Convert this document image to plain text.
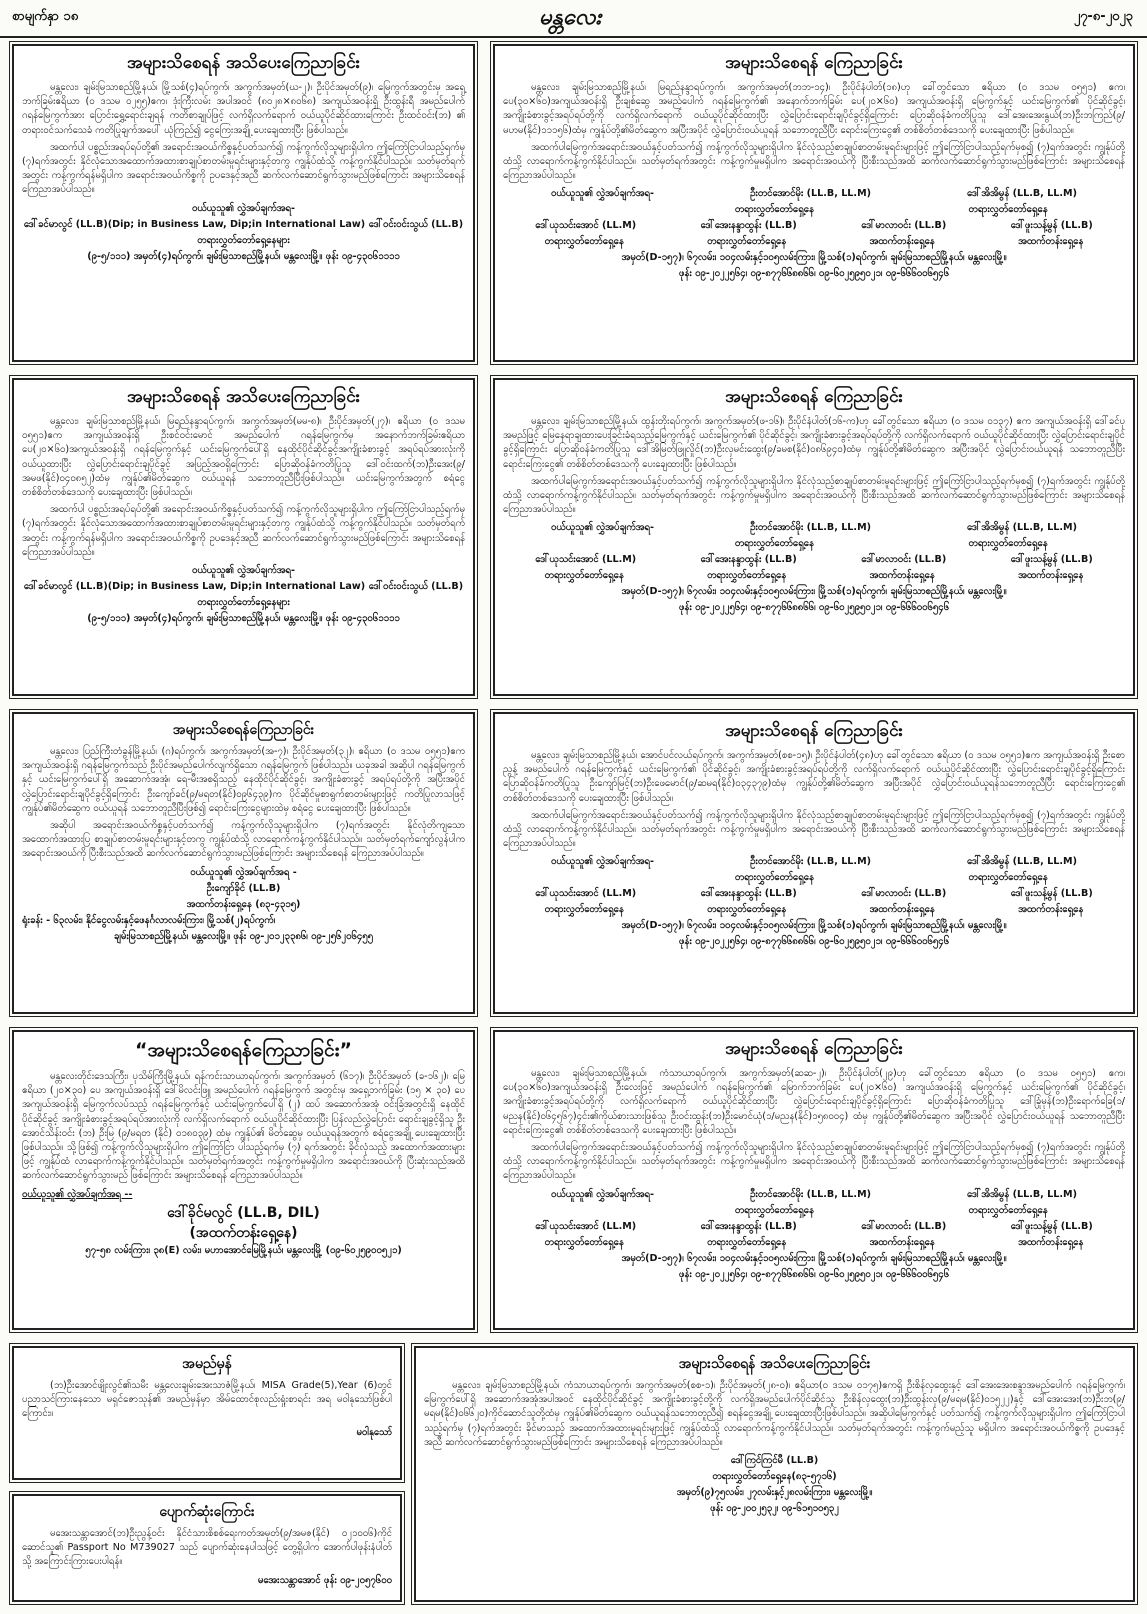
စာမျက်နှာ ၁၈	မန္တလေး	၂၇-၈-၂၀၂၃
အများသိစေရန် အသိပေးကြေညာခြင်း

မန္တလေး၊ ချမ်းမြသာစည်မြို့နယ်၊ မြို့သစ်(၄)ရပ်ကွက်၊ အကွက်အမှတ်(ဃ-၂)၊ ဦးပိုင်အမှတ်(၉)၊ မြေကွက်အတွင်းမှ အရှေ့ဘက်ခြမ်းဧရိယာ (၀ ဒသမ ၀၂၅၅)ဧက၊ ဒုံးကြီးလမ်း အပါအဝင် (၈၀၂၈×၈၀၆၈) အကျယ်အဝန်းရှိ ဦးထွန်းရီ အမည်ပေါက် ဂရန်မြေကွက်အား ပြောင်းရွှေ့ရောင်းချရန် ကတိစာချုပ်ဖြင့် လက်ရှိလက်ရောက် ဝယ်ယူပိုင်ဆိုင်ထားကြောင်း ဦးထင်ဝင်း(ဘ) ၏ တရားဝင်သက်သေခံ ကတိပြုချက်အပေါ် ယုံကြည်၍ ငွေကြေးအချို့ ပေးချေထားပြီး ဖြစ်ပါသည်။

အထက်ပါ ပစ္စည်းအရပ်ရပ်တို့၏ အရောင်းအဝယ်ကိစ္စနှင့်ပတ်သက်၍ ကန့်ကွက်လိုသူများရှိပါက ဤကြော်ငြာပါသည့်ရက်မှ (၇)ရက်အတွင်း နိုင်လုံသောအထောက်အထားစာချုပ်စာတမ်းမူရင်းများနှင့်တကွ ကျွန်ုပ်ထံသို့ ကန့်ကွက်နိုင်ပါသည်။ သတ်မှတ်ရက်အတွင်း ကန့်ကွက်ရန်မရှိပါက အရောင်းအဝယ်ကိစ္စကို ဥပဒေနှင့်အညီ ဆက်လက်ဆောင်ရွက်သွားမည်ဖြစ်ကြောင်း အများသိစေရန် ကြေညာအပ်ပါသည်။

ဝယ်ယူသူ၏ လွှဲအပ်ချက်အရ-
ဒေါ်ခင်မာလွင် (LL.B)(Dip; in Business Law, Dip;in International Law) ဒေါ်ဝင်းဝင်းသွယ် (LL.B)
တရားလွှတ်တော်ရှေ့နေများ
(၉-၅/၁၁၁) အမှတ်(၄)ရပ်ကွက်၊ ချမ်းမြသာစည်မြို့နယ်၊ မန္တလေးမြို့။ ဖုန်း ၀၉-၄၃၀၆၁၁၁၁
အများသိစေရန် ကြေညာခြင်း

မန္တလေး၊ ချမ်းမြသာစည်မြို့နယ်၊ မြရည်နန္ဒာရပ်ကွက်၊ အကွက်အမှတ်(ဘဘ-၁၄)၊ ဦးပိုင်နံပါတ်(၁၈)ဟု ခေါ်တွင်သော ဧရိယာ (၀ ဒသမ ၀၅၅၁) ဧက၊ ပေ(၃၀×၆၀)အကျယ်အဝန်းရှိ ဦးချစ်ဆွေ အမည်ပေါက် ဂရန်မြေကွက်၏ အနောက်ဘက်ခြမ်း ပေ(၂၀×၆၀) အကျယ်အဝန်းရှိ မြေကွက်နှင့် ယင်းမြေကွက်၏ ပိုင်ဆိုင်ခွင့်၊ အကျိုးခံစားခွင့်အရပ်ရပ်တို့ကို လက်ရှိလက်ရောက် ဝယ်ယူပိုင်ဆိုင်ထားပြီး လွှဲပြောင်းရောင်းချပိုင်ခွင့်ရှိကြောင်း ပြောဆိုဝန်ခံကတိပြုသူ ဒေါ်အေးအေးနွယ်(ဘ)ဦးဘကြည်(၉/မဟမ(နိုင်)၁၁၁၅၆)ထံမှ ကျွန်ုပ်တို့၏မိတ်ဆွေက အပြီးအပိုင် လွှဲပြောင်းဝယ်ယူရန် သဘောတူညီပြီး ရောင်းကြေးငွေ၏ တစ်စိတ်တစ်ဒေသကို ပေးချေထားပြီး ဖြစ်ပါသည်။

အထက်ပါမြေကွက်အရောင်းအဝယ်နှင့်ပတ်သက်၍ ကန့်ကွက်လိုသူများရှိပါက နိုင်လုံသည့်စာချုပ်စာတမ်းမူရင်းများဖြင့် ဤကြော်ငြာပါသည့်ရက်မှစ၍ (၇)ရက်အတွင်း ကျွန်ုပ်တို့ထံသို့ လာရောက်ကန့်ကွက်နိုင်ပါသည်။ သတ်မှတ်ရက်အတွင်း ကန့်ကွက်မှုမရှိပါက အရောင်းအဝယ်ကို ပြီးစီးသည်အထိ ဆက်လက်ဆောင်ရွက်သွားမည်ဖြစ်ကြောင်း အများသိစေရန် ကြေညာအပ်ပါသည်။

ဝယ်ယူသူ၏ လွှဲအပ်ချက်အရ-	ဦးတင်အောင်မိုး (LL.B, LL.M)	ဒေါ်အိအိမွန် (LL.B, LL.M)
တရားလွှတ်တော်ရှေ့နေ	တရားလွှတ်တော်ရှေ့နေ
ဒေါ်ယုသင်းအောင် (LL.M)	ဒေါ်အေးနန္ဒာထွန်း (LL.B)	ဒေါ်မာလာဝင်း (LL.B)	ဒေါ်ဖူးသန့်မွန် (LL.B)
တရားလွှတ်တော်ရှေ့နေ	တရားလွှတ်တော်ရှေ့နေ	အထက်တန်းရှေ့နေ	အထက်တန်းရှေ့နေ
အမှတ်(D-၁၅၇)၊ ၆၇လမ်း၊ ၁၀၄လမ်းနှင့်၁၀၅လမ်းကြား၊ မြို့သစ်(၁)ရပ်ကွက်၊ ချမ်းမြသာစည်မြို့နယ်၊ မန္တလေးမြို့။
ဖုန်း ၀၉-၂၀၂၂၅၆၄၊ ၀၉-၈၇၇၆၆၈၈၆၆၊ ၀၉-၆၀၂၅၉၅၀၂၁၊ ၀၉-၆၆၆၀၀၆၅၄၆
အများသိစေရန် အသိပေးကြေညာခြင်း

မန္တလေး၊ ချမ်းမြသာစည်မြို့နယ်၊ မြရည်နန္ဒာရပ်ကွက်၊ အကွက်အမှတ်(မမ-၈)၊ ဦးပိုင်အမှတ်(၂၇)၊ ဧရိယာ (၀ ဒသမ ၀၅၅၁)ဧက အကျယ်အဝန်းရှိ ဦးစင်ဝင်းမောင် အမည်ပေါက် ဂရန်မြေကွက်မှ အနောက်ဘက်ခြမ်းဧရိယာ ပေ(၂၀×၆၀)အကျယ်အဝန်းရှိ ဂရန်မြေကွက်နှင့် ယင်းမြေကွက်ပေါ်ရှိ နေထိုင်ပိုင်ဆိုင်ခွင့်အကျိုးခံစားခွင့် အရပ်ရပ်အားလုံးကို ဝယ်ယူထားပြီး လွှဲပြောင်းရောင်းချပိုင်ခွင့် အပြည့်အဝရှိကြောင်း ပြောဆိုဝန်ခံကတိပြုသူ ဒေါ်ဝင်းထက်(ဘ)ဦးအေး(၉/အမဖ(နိုင်)၀၄၀၈၅၂)ထံမှ ကျွန်ုပ်၏မိတ်ဆွေက ဝယ်ယူရန် သဘောတူညီပြီးဖြစ်ပါသည်။ ယင်းမြေကွက်အတွက် စရံငွေ တစ်စိတ်တစ်ဒေသကို ပေးချေထားပြီး ဖြစ်ပါသည်။

အထက်ပါ ပစ္စည်းအရပ်ရပ်တို့၏ အရောင်းအဝယ်ကိစ္စနှင့်ပတ်သက်၍ ကန့်ကွက်လိုသူများရှိပါက ဤကြော်ငြာပါသည့်ရက်မှ (၇)ရက်အတွင်း နိုင်လုံသောအထောက်အထားစာချုပ်စာတမ်းမူရင်းများနှင့်တကွ ကျွန်ုပ်ထံသို့ ကန့်ကွက်နိုင်ပါသည်။ သတ်မှတ်ရက်အတွင်း ကန့်ကွက်ရန်မရှိပါက အရောင်းအဝယ်ကိစ္စကို ဥပဒေနှင့်အညီ ဆက်လက်ဆောင်ရွက်သွားမည်ဖြစ်ကြောင်း အများသိစေရန် ကြေညာအပ်ပါသည်။

ဝယ်ယူသူ၏ လွှဲအပ်ချက်အရ-
ဒေါ်ခင်မာလွင် (LL.B)(Dip; in Business Law, Dip;in International Law) ဒေါ်ဝင်းဝင်းသွယ် (LL.B)
တရားလွှတ်တော်ရှေ့နေများ
(၉-၅/၁၁၁) အမှတ်(၄)ရပ်ကွက်၊ ချမ်းမြသာစည်မြို့နယ်၊ မန္တလေးမြို့။ ဖုန်း ၀၉-၄၃၀၆၁၁၁၁
အများသိစေရန် ကြေညာခြင်း

မန္တလေး၊ ချမ်းမြသာစည်မြို့နယ်၊ ထွန်းတိုးရပ်ကွက်၊ အကွက်အမှတ်(ဖ-၁၆)၊ ဦးပိုင်နံပါတ်(၁၆-က)ဟု ခေါ်တွင်သော ဧရိယာ (၀ ဒသမ ၀၁၃၇) ဧက အကျယ်အဝန်းရှိ ဒေါ်ခင်ပု အမည်ဖြင့် မြေနေရာချထားပေးခြင်းခံရသည့်မြေကွက်နှင့် ယင်းမြေကွက်၏ ပိုင်ဆိုင်ခွင့်၊ အကျိုးခံစားခွင့်အရပ်ရပ်တို့ကို လက်ရှိလက်ရောက် ဝယ်ယူပိုင်ဆိုင်ထားပြီး လွှဲပြောင်းရောင်းချပိုင်ခွင့်ရှိကြောင်း ပြောဆိုဝန်ခံကတိပြုသူ ဒေါ်အိမြတ်ဖြူလှိုင်(ဘ)ဦးလှမင်းထွေး(၉/ခမစ(နိုင်)၀၈၆၉၄၀)ထံမှ ကျွန်ုပ်တို့၏မိတ်ဆွေက အပြီးအပိုင် လွှဲပြောင်းဝယ်ယူရန် သဘောတူညီပြီး ရောင်းကြေးငွေ၏ တစ်စိတ်တစ်ဒေသကို ပေးချေထားပြီး ဖြစ်ပါသည်။

အထက်ပါမြေကွက်အရောင်းအဝယ်နှင့်ပတ်သက်၍ ကန့်ကွက်လိုသူများရှိပါက နိုင်လုံသည့်စာချုပ်စာတမ်းမူရင်းများဖြင့် ဤကြော်ငြာပါသည့်ရက်မှစ၍ (၇)ရက်အတွင်း ကျွန်ုပ်တို့ထံသို့ လာရောက်ကန့်ကွက်နိုင်ပါသည်။ သတ်မှတ်ရက်အတွင်း ကန့်ကွက်မှုမရှိပါက အရောင်းအဝယ်ကို ပြီးစီးသည်အထိ ဆက်လက်ဆောင်ရွက်သွားမည်ဖြစ်ကြောင်း အများသိစေရန် ကြေညာအပ်ပါသည်။

ဝယ်ယူသူ၏ လွှဲအပ်ချက်အရ-	ဦးတင်အောင်မိုး (LL.B, LL.M)	ဒေါ်အိအိမွန် (LL.B, LL.M)
တရားလွှတ်တော်ရှေ့နေ	တရားလွှတ်တော်ရှေ့နေ
ဒေါ်ယုသင်းအောင် (LL.M)	ဒေါ်အေးနန္ဒာထွန်း (LL.B)	ဒေါ်မာလာဝင်း (LL.B)	ဒေါ်ဖူးသန့်မွန် (LL.B)
တရားလွှတ်တော်ရှေ့နေ	တရားလွှတ်တော်ရှေ့နေ	အထက်တန်းရှေ့နေ	အထက်တန်းရှေ့နေ
အမှတ်(D-၁၅၇)၊ ၆၇လမ်း၊ ၁၀၄လမ်းနှင့်၁၀၅လမ်းကြား၊ မြို့သစ်(၁)ရပ်ကွက်၊ ချမ်းမြသာစည်မြို့နယ်၊ မန္တလေးမြို့။
ဖုန်း ၀၉-၂၀၂၂၅၆၄၊ ၀၉-၈၇၇၆၆၈၈၆၆၊ ၀၉-၆၀၂၅၉၅၀၂၁၊ ၀၉-၆၆၆၀၀၆၅၄၆
အများသိစေရန်ကြေညာခြင်း

မန္တလေး၊ ပြည်ကြီးတံခွန်မြို့နယ်၊ (ဂ)ရပ်ကွက်၊ အကွက်အမှတ်(အ-၇)၊ ဦးပိုင်အမှတ်(၃၂)၊ ဧရိယာ (၀ ဒသမ ၀၅၅၁)ဧကအကျယ်အဝန်းရှိ ဂရန်မြေကွက်သည် ဦးပိုင်အမည်ပေါက်လျက်ရှိသော ဂရန်မြေကွက် ဖြစ်ပါသည်။ ယခုအခါ အဆိုပါ ဂရန်မြေကွက်နှင့် ယင်းမြေကွက်ပေါ်ရှိ အဆောက်အအုံ၊ ရေ-မီးအစရှိသည့် နေထိုင်ပိုင်ဆိုင်ခွင့်၊ အကျိုးခံစားခွင့် အရပ်ရပ်တို့ကို အပြီးအပိုင် လွှဲပြောင်းရောင်းချပိုင်ခွင့်ရှိကြောင်း ဦးကျော်ခင်(၉/မရတ(နိုင်)၀၉၆၄၃၉)က ပိုင်ဆိုင်မှုစာရွက်စာတမ်းများဖြင့် ကတိပြုလာသဖြင့် ကျွန်ုပ်၏မိတ်ဆွေက ဝယ်ယူရန် သဘောတူညီပြီးဖြစ်၍ ရောင်းကြေးငွေများထဲမှ စရံငွေ ပေးချေထားပြီး ဖြစ်ပါသည်။

အဆိုပါ အရောင်းအဝယ်ကိစ္စနှင့်ပတ်သက်၍ ကန့်ကွက်လိုသူများရှိပါက (၇)ရက်အတွင်း နိုင်လုံတိကျသော အထောက်အထားပြ စာချုပ်စာတမ်းမူရင်းများနှင့်တကွ ကျွန်ုပ်ထံသို့ လာရောက်ကန့်ကွက်နိုင်ပါသည်။ သတ်မှတ်ရက်ကျော်လွန်ပါက အရောင်းအဝယ်ကို ပြီးစီးသည်အထိ ဆက်လက်ဆောင်ရွက်သွားမည်ဖြစ်ကြောင်း အများသိစေရန် ကြေညာအပ်ပါသည်။

ဝယ်ယူသူ၏ လွှဲအပ်ချက်အရ -
ဦးကျော်ခိုင် (LL.B)
အထက်တန်းရှေ့နေ (၈၃-၄၃၁၅)
ရုံးခန်း - ၆၃လမ်း၊ နိုင်ငွေလမ်းနှင့်ဖေနင်္ဂလာလမ်းကြား၊ မြို့သစ်(၂)ရပ်ကွက်၊
ချမ်းမြသာစည်မြို့နယ်၊ မန္တလေးမြို့။ ဖုန်း ၀၉-၂၀၁၂၃၃၈၆၊ ၀၉-၂၅၆၂၀၆၄၅၅
အများသိစေရန် ကြေညာခြင်း

မန္တလေး၊ ချမ်းမြသာစည်မြို့နယ်၊ အောင်ပင်လယ်ရပ်ကွက်၊ အကွက်အမှတ်(စစ-၁၅)၊ ဦးပိုင်နံပါတ်(၄၈)ဟု ခေါ်တွင်သော ဧရိယာ (၀ ဒသမ ၀၅၅၁)ဧက အကျယ်အဝန်းရှိ ဦးစောညွန့် အမည်ပေါက် ဂရန်မြေကွက်နှင့် ယင်းမြေကွက်၏ ပိုင်ဆိုင်ခွင့်၊ အကျိုးခံစားခွင့်အရပ်ရပ်တို့ကို လက်ရှိလက်ရောက် ဝယ်ယူပိုင်ဆိုင်ထားပြီး လွှဲပြောင်းရောင်းချပိုင်ခွင့်ရှိကြောင်း ပြောဆိုဝန်ခံကတိပြုသူ ဦးကျော်မြင့်(ဘ)ဦးဖေမောင်(၉/ဆမရ(နိုင်)၀၃၄၃၇၉)ထံမှ ကျွန်ုပ်တို့၏မိတ်ဆွေက အပြီးအပိုင် လွှဲပြောင်းဝယ်ယူရန်သဘောတူညီပြီး ရောင်းကြေးငွေ၏ တစ်စိတ်တစ်ဒေသကို ပေးချေထားပြီး ဖြစ်ပါသည်။

အထက်ပါမြေကွက်အရောင်းအဝယ်နှင့်ပတ်သက်၍ ကန့်ကွက်လိုသူများရှိပါက နိုင်လုံသည့်စာချုပ်စာတမ်းမူရင်းများဖြင့် ဤကြော်ငြာပါသည့်ရက်မှစ၍ (၇)ရက်အတွင်း ကျွန်ုပ်တို့ထံသို့ လာရောက်ကန့်ကွက်နိုင်ပါသည်။ သတ်မှတ်ရက်အတွင်း ကန့်ကွက်မှုမရှိပါက အရောင်းအဝယ်ကို ပြီးစီးသည်အထိ ဆက်လက်ဆောင်ရွက်သွားမည်ဖြစ်ကြောင်း အများသိစေရန် ကြေညာအပ်ပါသည်။

ဝယ်ယူသူ၏ လွှဲအပ်ချက်အရ-	ဦးတင်အောင်မိုး (LL.B, LL.M)	ဒေါ်အိအိမွန် (LL.B, LL.M)
တရားလွှတ်တော်ရှေ့နေ	တရားလွှတ်တော်ရှေ့နေ
ဒေါ်ယုသင်းအောင် (LL.M)	ဒေါ်အေးနန္ဒာထွန်း (LL.B)	ဒေါ်မာလာဝင်း (LL.B)	ဒေါ်ဖူးသန့်မွန် (LL.B)
တရားလွှတ်တော်ရှေ့နေ	တရားလွှတ်တော်ရှေ့နေ	အထက်တန်းရှေ့နေ	အထက်တန်းရှေ့နေ
အမှတ်(D-၁၅၇)၊ ၆၇လမ်း၊ ၁၀၄လမ်းနှင့်၁၀၅လမ်းကြား၊ မြို့သစ်(၁)ရပ်ကွက်၊ ချမ်းမြသာစည်မြို့နယ်၊ မန္တလေးမြို့။
ဖုန်း ၀၉-၂၀၂၂၅၆၄၊ ၀၉-၈၇၇၆၆၈၈၆၆၊ ၀၉-၆၀၂၅၉၅၀၂၁၊ ၀၉-၆၆၆၀၀၆၅၄၆
“အများသိစေရန်ကြေညာခြင်း”

မန္တလေးတိုင်းဒေသကြီး၊ ပုသိမ်ကြီးမြို့နယ်၊ ရန်ကင်းသာယာရပ်ကွက်၊ အကွက်အမှတ် (၆၁၇)၊ ဦးပိုင်အမှတ် (ခ-၁၆၂)၊ မြေဧရိယာ (၂၀×၃၀) ပေ အကျယ်အဝန်းရှိ ဒေါ်မိလင်းဖြူ အမည်ပေါက် ဂရန်မြေကွက် အတွင်းမှ အရှေ့ဘက်ခြမ်း (၁၅ × ၃၀) ပေ အကျယ်အဝန်းရှိ မြေကွက်လပ်သည့် ဂရန်မြေကွက်နှင့် ယင်းမြေကွက်ပေါ်ရှိ (၂) ထပ် အဆောက်အအုံ ဝင်းခြံအတွင်းရှိ နေထိုင်ပိုင်ဆိုင်ခွင့် အကျိုးခံစားခွင့်အရပ်ရပ်အားလုံးကို လက်ရှိလက်ရောက် ဝယ်ယူပိုင်ဆိုင်ထားပြီး ပြန်လည်လွှဲပြောင်း ရောင်းချခွင့်ရှိသူ ဦးအောင်သိန်းဝင်း (ဘ) ဦးမြ (၉/မရတ (နိုင်) ၀၁၈၀၃၉) ထံမှ ကျွန်ုပ်၏ မိတ်ဆွေမှ ဝယ်ယူရန်အတွက် စရံငွေအချို့ ပေးချေထားပြီးဖြစ်ပါသည်။ သို့ဖြစ်၍ ကန့်ကွက်လိုသူများရှိပါက ဤကြော်ငြာ ပါသည့်ရက်မှ (၇) ရက်အတွင်း ခိုင်လုံသည့် အထောက်အထားများဖြင့် ကျွန်ုပ်ထံ လာရောက်ကန့်ကွက်နိုင်ပါသည်။ သတ်မှတ်ရက်အတွင်း ကန့်ကွက်မှုမရှိပါက အရောင်းအဝယ်ကို ပြီးဆုံးသည်အထိ ဆက်လက်ဆောင်ရွက်သွားမည် ဖြစ်ကြောင်း အများသိစေရန် ကြေညာအပ်ပါသည်။

ဝယ်ယူသူ၏ လွှဲအပ်ချက်အရ --
ဒေါ်ခိုင်မလွင် (LL.B, DIL)
(အထက်တန်းရှေ့နေ)
၅၇-၅၈ လမ်းကြား၊ ၃၈(E) လမ်း၊ မဟာအောင်မြေမြို့နယ်၊ မန္တလေးမြို့ (၀၉-၆၀၂၅၉၀၀၅၂၁)
အများသိစေရန် ကြေညာခြင်း

မန္တလေး၊ ချမ်းမြသာစည်မြို့နယ်၊ ကံသာယာရပ်ကွက်၊ အကွက်အမှတ်(ဆဆ-၂)၊ ဦးပိုင်နံပါတ်(၂၉)ဟု ခေါ်တွင်သော ဧရိယာ (၀ ဒသမ ၀၅၅၁) ဧက၊ ပေ(၃၀×၆၀)အကျယ်အဝန်းရှိ ဦးလေးဖြင့် အမည်ပေါက် ဂရန်မြေကွက်၏ မြောက်ဘက်ခြမ်း ပေ(၂၀×၆၀) အကျယ်အဝန်းရှိ မြေကွက်နှင့် ယင်းမြေကွက်၏ ပိုင်ဆိုင်ခွင့်၊ အကျိုးခံစားခွင့်အရပ်ရပ်တို့ကို လက်ရှိလက်ရောက် ဝယ်ယူပိုင်ဆိုင်ထားပြီး လွှဲပြောင်းရောင်းချပိုင်ခွင့်ရှိကြောင်း ပြောဆိုဝန်ခံကတိပြုသူ ဒေါ်ခြုံမုန်(ဘ)ဦးရောက်ခြေ(၁/မညန(နိုင်)၀၆၄၅၆၇)၄င်း၏ကိုယ်စားသားဖြစ်သူ ဦးဝင်းထွန်း(ဘ)ဦးမောင်ယုံ(၁/မညန(နိုင်)၁၅၈၀၀၄) ထံမှ ကျွန်ုပ်တို့၏မိတ်ဆွေက အပြီးအပိုင် လွှဲပြောင်းဝယ်ယူရန် သဘောတူညီပြီး ရောင်းကြေးငွေ၏ တစ်စိတ်တစ်ဒေသကို ပေးချေထားပြီး ဖြစ်ပါသည်။

အထက်ပါမြေကွက်အရောင်းအဝယ်နှင့်ပတ်သက်၍ ကန့်ကွက်လိုသူများရှိပါက နိုင်လုံသည့်စာချုပ်စာတမ်းမူရင်းများဖြင့် ဤကြော်ငြာပါသည့်ရက်မှစ၍ (၇)ရက်အတွင်း ကျွန်ုပ်တို့ထံသို့ လာရောက်ကန့်ကွက်နိုင်ပါသည်။ သတ်မှတ်ရက်အတွင်း ကန့်ကွက်မှုမရှိပါက အရောင်းအဝယ်ကို ပြီးစီးသည်အထိ ဆက်လက်ဆောင်ရွက်သွားမည်ဖြစ်ကြောင်း အများသိစေရန် ကြေညာအပ်ပါသည်။

ဝယ်ယူသူ၏ လွှဲအပ်ချက်အရ-	ဦးတင်အောင်မိုး (LL.B, LL.M)	ဒေါ်အိအိမွန် (LL.B, LL.M)
တရားလွှတ်တော်ရှေ့နေ	တရားလွှတ်တော်ရှေ့နေ
ဒေါ်ယုသင်းအောင် (LL.M)	ဒေါ်အေးနန္ဒာထွန်း (LL.B)	ဒေါ်မာလာဝင်း (LL.B)	ဒေါ်ဖူးသန့်မွန် (LL.B)
တရားလွှတ်တော်ရှေ့နေ	တရားလွှတ်တော်ရှေ့နေ	အထက်တန်းရှေ့နေ	အထက်တန်းရှေ့နေ
အမှတ်(D-၁၅၇)၊ ၆၇လမ်း၊ ၁၀၄လမ်းနှင့်၁၀၅လမ်းကြား၊ မြို့သစ်(၁)ရပ်ကွက်၊ ချမ်းမြသာစည်မြို့နယ်၊ မန္တလေးမြို့။
ဖုန်း ၀၉-၂၀၂၂၅၆၄၊ ၀၉-၈၇၇၆၆၈၈၆၆၊ ၀၉-၆၀၂၅၉၅၀၂၁၊ ၀၉-၆၆၆၀၀၆၅၄၆
အမည်မှန်

(ဘ)ဦးအောင်ဖျိုးလွင်၏သမီး မန္တလေးချမ်းအေးသာဇံမြို့နယ်၊ MISA Grade(5),Year (6)တွင် ပညာသင်ကြားနေသော မရှင်ဇောသုန်၏ အမည်မှန်မှာ အိမ်ထောင်စုလည်းရှုံးစာရင်း အရ မဝါနုသော်ဖြစ်ပါကြောင်း။

မဝါနုသော်
ပျောက်ဆုံးကြောင်း

မအေးသန္တာအောင်(ဘ)ဦးညွန့်ဝင်း နိုင်ငံသားစိစစ်ရေးကတ်အမှတ်(၉/အမဇ(နိုင်) ၀၂၁၀၀၆)ကိုင်ဆောင်သူ၏ Passport No M739027 သည် ပျောက်ဆုံးနေပါသဖြင့် တွေ့ရှိပါက အောက်ပါဖုန်းနံပါတ်သို့ အကြောင်းကြားပေးပါရန်။

မအေးသန္တာအောင် ဖုန်း ၀၉-၂၀၅၇၆၀၀
အများသိစေရန် အသိပေးကြေညာခြင်း

မန္တလေး၊ ချမ်းမြသာစည်မြို့နယ်၊ ကံသာယာရပ်ကွက်၊ အကွက်အမှတ်(စစ-၁)၊ ဦးပိုင်အမှတ်(၂၈-၀)၊ ဧရိယာ(၀ ဒသမ ၀၁၇၅)ဧကရှိ ဦးစိန်လှထွေးနှင့် ဒေါ်အေးအေးစန္ဒာအမည်ပေါက် ဂရန်မြေကွက်၊ မြေကွက်ပေါ်ရှိ အဆောက်အအုံအပါအဝင် နေထိုင်ပိုင်ဆိုင်ခွင့် အကျိုးခံစားခွင့်တို့ကို လက်ရှိအမည်ပေါက်ပိုင်ဆိုင်သူ ဦးစိန်လှထွေး(ဘ)ဦးထွန်းလှ(၉/မရမ(နိုင်)၀၁၅၂၂)နှင့် ဒေါ်အေးအေး(ဘ)ဦးဘ(၉/မရမ(နိုင်)၀၆၆၂၀)ကိုင်ဆောင်သူတို့ထံမှ ကျွန်ုပ်၏မိတ်ဆွေက ဝယ်ယူရန်သဘောတူညီ၍ စရန်ငွေအချို့ ပေးချေထားပြီးဖြစ်ပါသည်။ အဆိုပါမြေကွက်နှင့် ပတ်သက်၍ ကန့်ကွက်လိုသူများရှိပါက ဤကြော်ငြာပါသည့်ရက်မှ (၇)ရက်အတွင်း ခိုင်မာသည့် အထောက်အထားမူရင်းများဖြင့် ကျွန်ုပ်ထံသို့ လာရောက်ကန့်ကွက်နိုင်ပါသည်။ သတ်မှတ်ရက်အတွင်း ကန့်ကွက်မည့်သူ မရှိပါက အရောင်းအဝယ်ကိစ္စကို ဥပဒေနှင့်အညီ ဆက်လက်ဆောင်ရွက်သွားမည်ဖြစ်ကြောင်း အများသိစေရန် ကြေညာအပ်ပါသည်။

ဒေါ်ကြင်ကြင်မီ (LL.B)
တရားလွှတ်တော်ရှေ့နေ(၈၃-၅၇၁၆)
အမှတ်(၉)၇၅လမ်း၊ ၂၇လမ်းနှင့်၂၈လမ်းကြား၊ မန္တလေးမြို့။
ဖုန်း ၀၉-၂၀၀၂၅၃၂၊ ၀၉-၆၁၅၁၀၅၃၂
